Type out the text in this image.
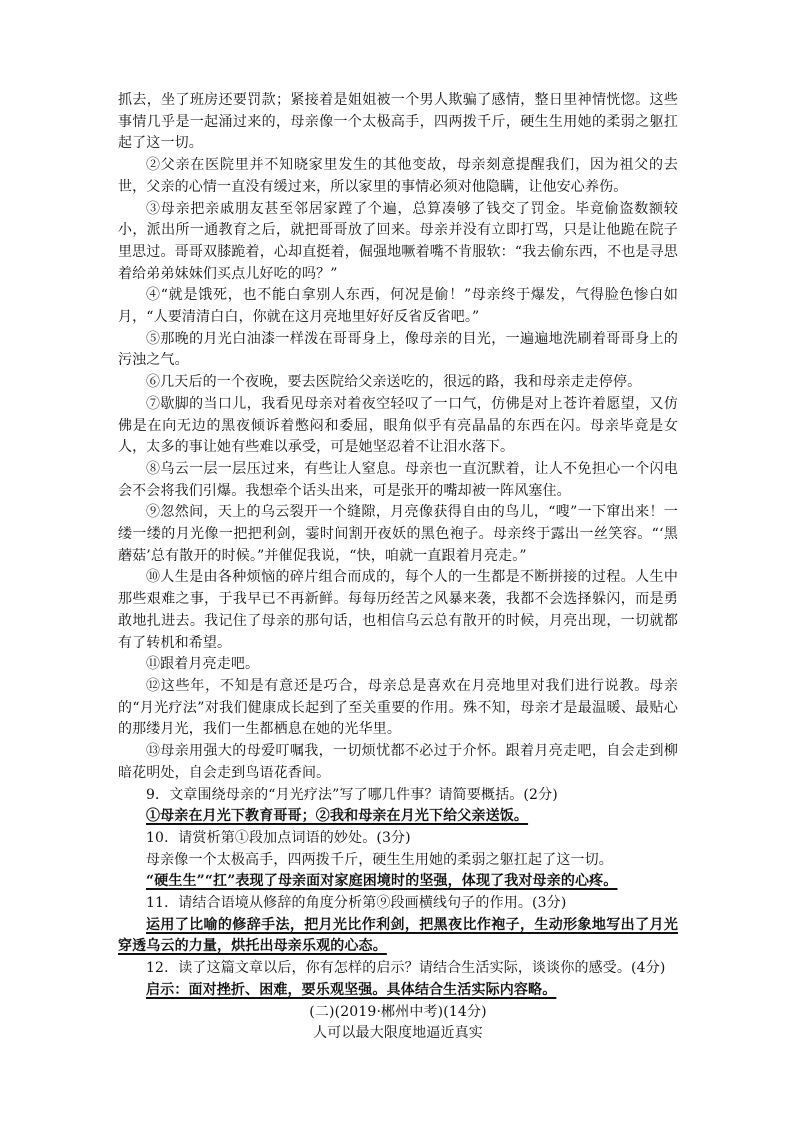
抓去，坐了班房还要罚款；紧接着是姐姐被一个男人欺骗了感情，整日里神情恍惚。这些事情几乎是一起涌过来的，母亲像一个太极高手，四两拨千斤，硬生生用她的柔弱之躯扛起了这一切。

②父亲在医院里并不知晓家里发生的其他变故，母亲刻意提醒我们，因为祖父的去世，父亲的心情一直没有缓过来，所以家里的事情必须对他隐瞒，让他安心养伤。

③母亲把亲戚朋友甚至邻居家蹚了个遍，总算凑够了钱交了罚金。毕竟偷盗数额较小，派出所一通教育之后，就把哥哥放了回来。母亲并没有立即打骂，只是让他跪在院子里思过。哥哥双膝跪着，心却直挺着，倔强地噘着嘴不肯服软：“我去偷东西，不也是寻思着给弟弟妹妹们买点儿好吃的吗？”

④“就是饿死，也不能白拿别人东西，何况是偷！”母亲终于爆发，气得脸色惨白如月，“人要清清白白，你就在这月亮地里好好反省反省吧。”

⑤那晚的月光白油漆一样泼在哥哥身上，像母亲的目光，一遍遍地洗刷着哥哥身上的污浊之气。

⑥几天后的一个夜晚，要去医院给父亲送吃的，很远的路，我和母亲走走停停。

⑦歇脚的当口儿，我看见母亲对着夜空轻叹了一口气，仿佛是对上苍许着愿望，又仿佛是在向无边的黑夜倾诉着憋闷和委屈，眼角似乎有亮晶晶的东西在闪。母亲毕竟是女人，太多的事让她有些难以承受，可是她坚忍着不让泪水落下。

⑧乌云一层一层压过来，有些让人窒息。母亲也一直沉默着，让人不免担心一个闪电会不会将我们引爆。我想牵个话头出来，可是张开的嘴却被一阵风塞住。

⑨忽然间，天上的乌云裂开一个缝隙，月亮像获得自由的鸟儿，“嗖”一下窜出来！一缕一缕的月光像一把把利剑，霎时间割开夜妖的黑色袍子。母亲终于露出一丝笑容。“‘黑蘑菇’总有散开的时候。”并催促我说，“快，咱就一直跟着月亮走。”

⑩人生是由各种烦恼的碎片组合而成的，每个人的一生都是不断拼接的过程。人生中那些艰难之事，于我早已不再新鲜。每每历经苦之风暴来袭，我都不会选择躲闪，而是勇敢地扎进去。我记住了母亲的那句话，也相信乌云总有散开的时候，月亮出现，一切就都有了转机和希望。

⑪跟着月亮走吧。

⑫这些年，不知是有意还是巧合，母亲总是喜欢在月亮地里对我们进行说教。母亲的“月光疗法”对我们健康成长起到了至关重要的作用。殊不知，母亲才是最温暖、最贴心的那缕月光，我们一生都栖息在她的光华里。

⑬母亲用强大的母爱叮嘱我，一切烦忧都不必过于介怀。跟着月亮走吧，自会走到柳暗花明处，自会走到鸟语花香间。

9．文章围绕母亲的“月光疗法”写了哪几件事？请简要概括。(2分)

①母亲在月光下教育哥哥；②我和母亲在月光下给父亲送饭。

10．请赏析第①段加点词语的妙处。(3分)

母亲像一个太极高手，四两拨千斤，硬生生用她的柔弱之躯扛起了这一切。

“硬生生”“扛”表现了母亲面对家庭困境时的坚强，体现了我对母亲的心疼。

11．请结合语境从修辞的角度分析第⑨段画横线句子的作用。(3分)

运用了比喻的修辞手法，把月光比作利剑，把黑夜比作袍子，生动形象地写出了月光穿透乌云的力量，烘托出母亲乐观的心态。

12．读了这篇文章以后，你有怎样的启示？请结合生活实际，谈谈你的感受。(4分)

启示：面对挫折、困难，要乐观坚强。具体结合生活实际内容略。

(二)(2019·郴州中考)(14分)

人可以最大限度地逼近真实
